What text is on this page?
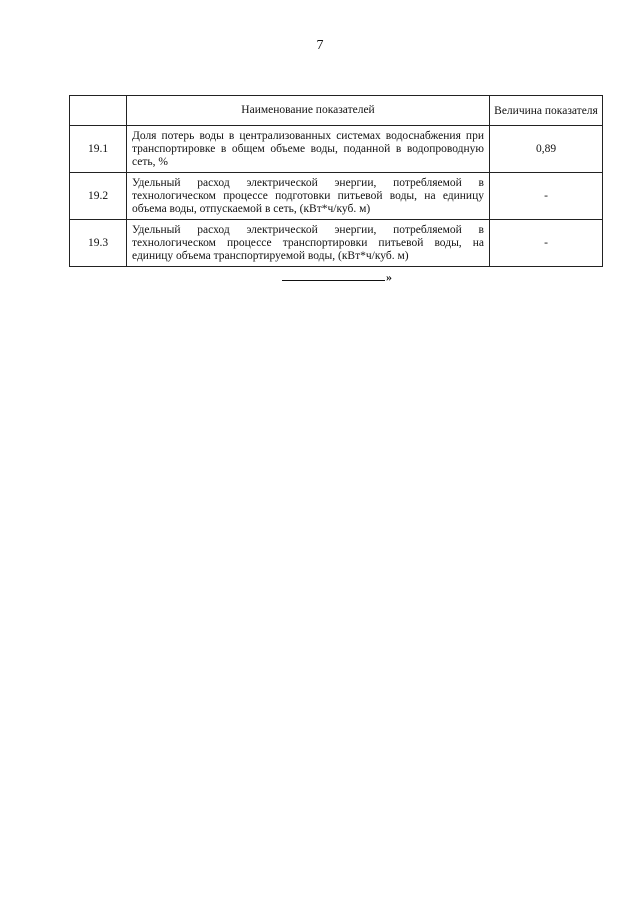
7
	Наименование показателей	Величина показателя
19.1	Доля потерь воды в централизованных системах водоснабжения при транспортировке в общем объеме воды, поданной в водопроводную сеть, %	0,89
19.2	Удельный расход электрической энергии, потребляемой в технологическом процессе подготовки питьевой воды, на единицу объема воды, отпускаемой в сеть, (кВт*ч/куб. м)	-
19.3	Удельный расход электрической энергии, потребляемой в технологическом процессе транспортировки питьевой воды, на единицу объема транспортируемой воды, (кВт*ч/куб. м)	-
»
